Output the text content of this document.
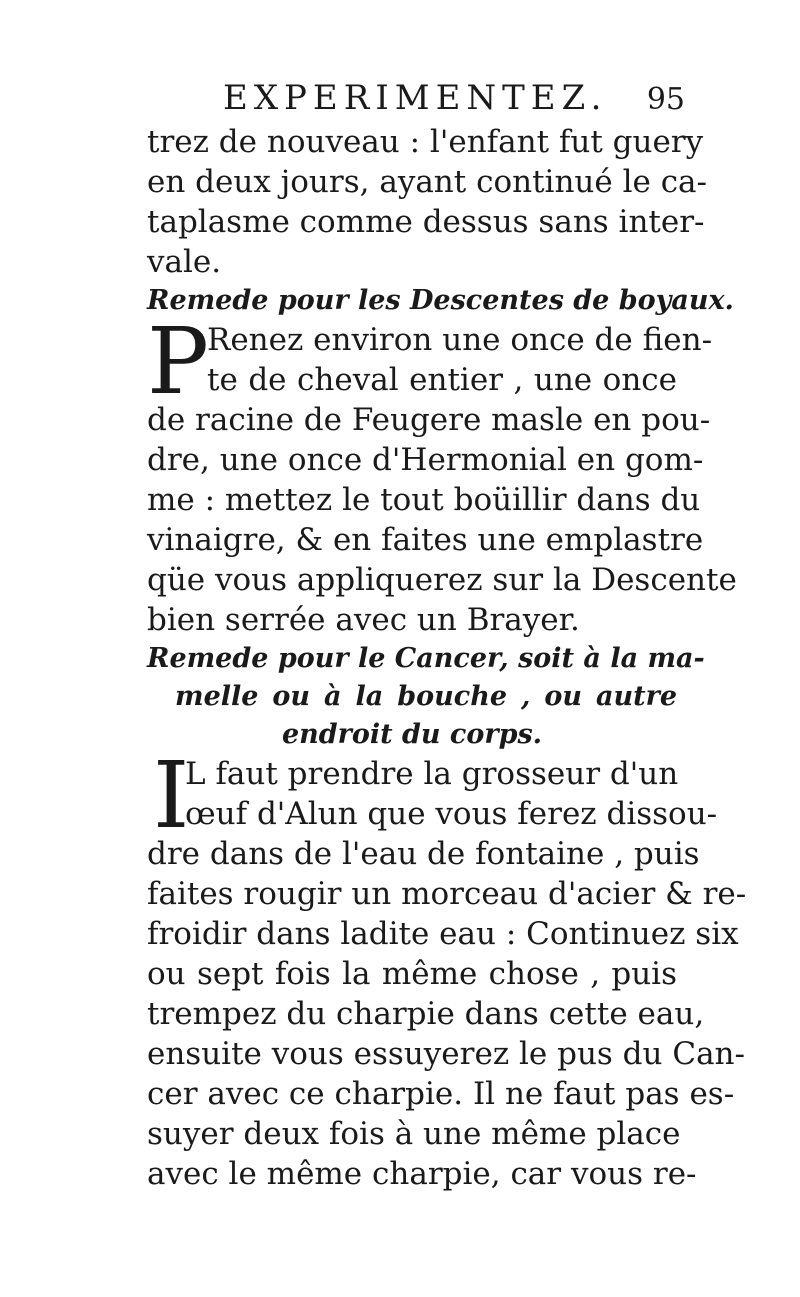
EXPERIMENTEZ. 95
trez de nouveau : l'enfant fut guery
en deux jours, ayant continué le ca-
taplasme comme dessus sans inter-
vale.
Remede pour les Descentes de boyaux.
P
Renez environ une once de fien-
te de cheval entier , une once
de racine de Feugere masle en pou-
dre, une once d'Hermonial en gom-
me : mettez le tout boüillir dans du
vinaigre, & en faites une emplastre
qüe vous appliquerez sur la Descente
bien serrée avec un Brayer.
Remede pour le Cancer, soit à la ma-
melle ou à la bouche , ou autre
endroit du corps.
I
L faut prendre la grosseur d'un
œuf d'Alun que vous ferez dissou-
dre dans de l'eau de fontaine , puis
faites rougir un morceau d'acier & re-
froidir dans ladite eau : Continuez six
ou sept fois la même chose , puis
trempez du charpie dans cette eau,
ensuite vous essuyerez le pus du Can-
cer avec ce charpie. Il ne faut pas es-
suyer deux fois à une même place
avec le même charpie, car vous re-
